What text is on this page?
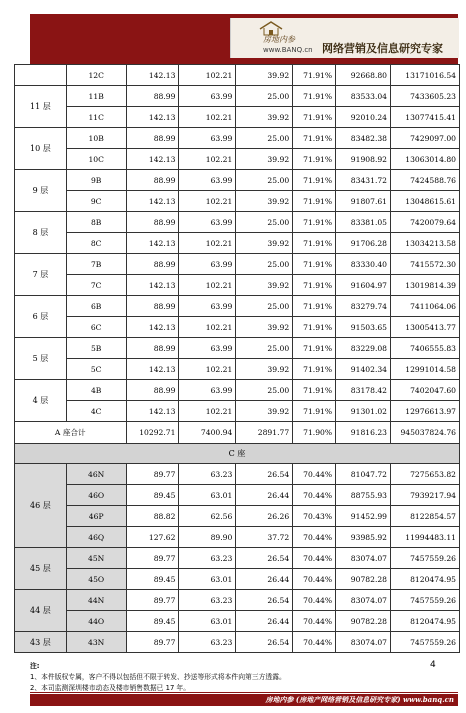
房地内参
www.BANQ.cn 网络营销及信息研究专家
	12C	142.13	102.21	39.92	71.91%	92668.80	13171016.54
11 层	11B	88.99	63.99	25.00	71.91%	83533.04	7433605.23
	11C	142.13	102.21	39.92	71.91%	92010.24	13077415.41
10 层	10B	88.99	63.99	25.00	71.91%	83482.38	7429097.00
	10C	142.13	102.21	39.92	71.91%	91908.92	13063014.80
9 层	9B	88.99	63.99	25.00	71.91%	83431.72	7424588.76
	9C	142.13	102.21	39.92	71.91%	91807.61	13048615.61
8 层	8B	88.99	63.99	25.00	71.91%	83381.05	7420079.64
	8C	142.13	102.21	39.92	71.91%	91706.28	13034213.58
7 层	7B	88.99	63.99	25.00	71.91%	83330.40	7415572.30
	7C	142.13	102.21	39.92	71.91%	91604.97	13019814.39
6 层	6B	88.99	63.99	25.00	71.91%	83279.74	7411064.06
	6C	142.13	102.21	39.92	71.91%	91503.65	13005413.77
5 层	5B	88.99	63.99	25.00	71.91%	83229.08	7406555.83
	5C	142.13	102.21	39.92	71.91%	91402.34	12991014.58
4 层	4B	88.99	63.99	25.00	71.91%	83178.42	7402047.60
	4C	142.13	102.21	39.92	71.91%	91301.02	12976613.97
A 座合计		10292.71	7400.94	2891.77	71.90%	91816.23	945037824.76
C 座							
46 层	46N	89.77	63.23	26.54	70.44%	81047.72	7275653.82
	46O	89.45	63.01	26.44	70.44%	88755.93	7939217.94
	46P	88.82	62.56	26.26	70.43%	91452.99	8122854.57
	46Q	127.62	89.90	37.72	70.44%	93985.92	11994483.11
45 层	45N	89.77	63.23	26.54	70.44%	83074.07	7457559.26
	45O	89.45	63.01	26.44	70.44%	90782.28	8120474.95
44 层	44N	89.77	63.23	26.54	70.44%	83074.07	7457559.26
	44O	89.45	63.01	26.44	70.44%	90782.28	8120474.95
43 层	43N	89.77	63.23	26.54	70.44%	83074.07	7457559.26
4
注:
1、本件版权专属，客户不得以包括但不限于转发、抄送等形式将本件向第三方透露。
2、本司监测深圳楼市动态及楼市销售数据已 17 年。
房地内参 (房地产网络营销及信息研究专家) www.banq.cn
